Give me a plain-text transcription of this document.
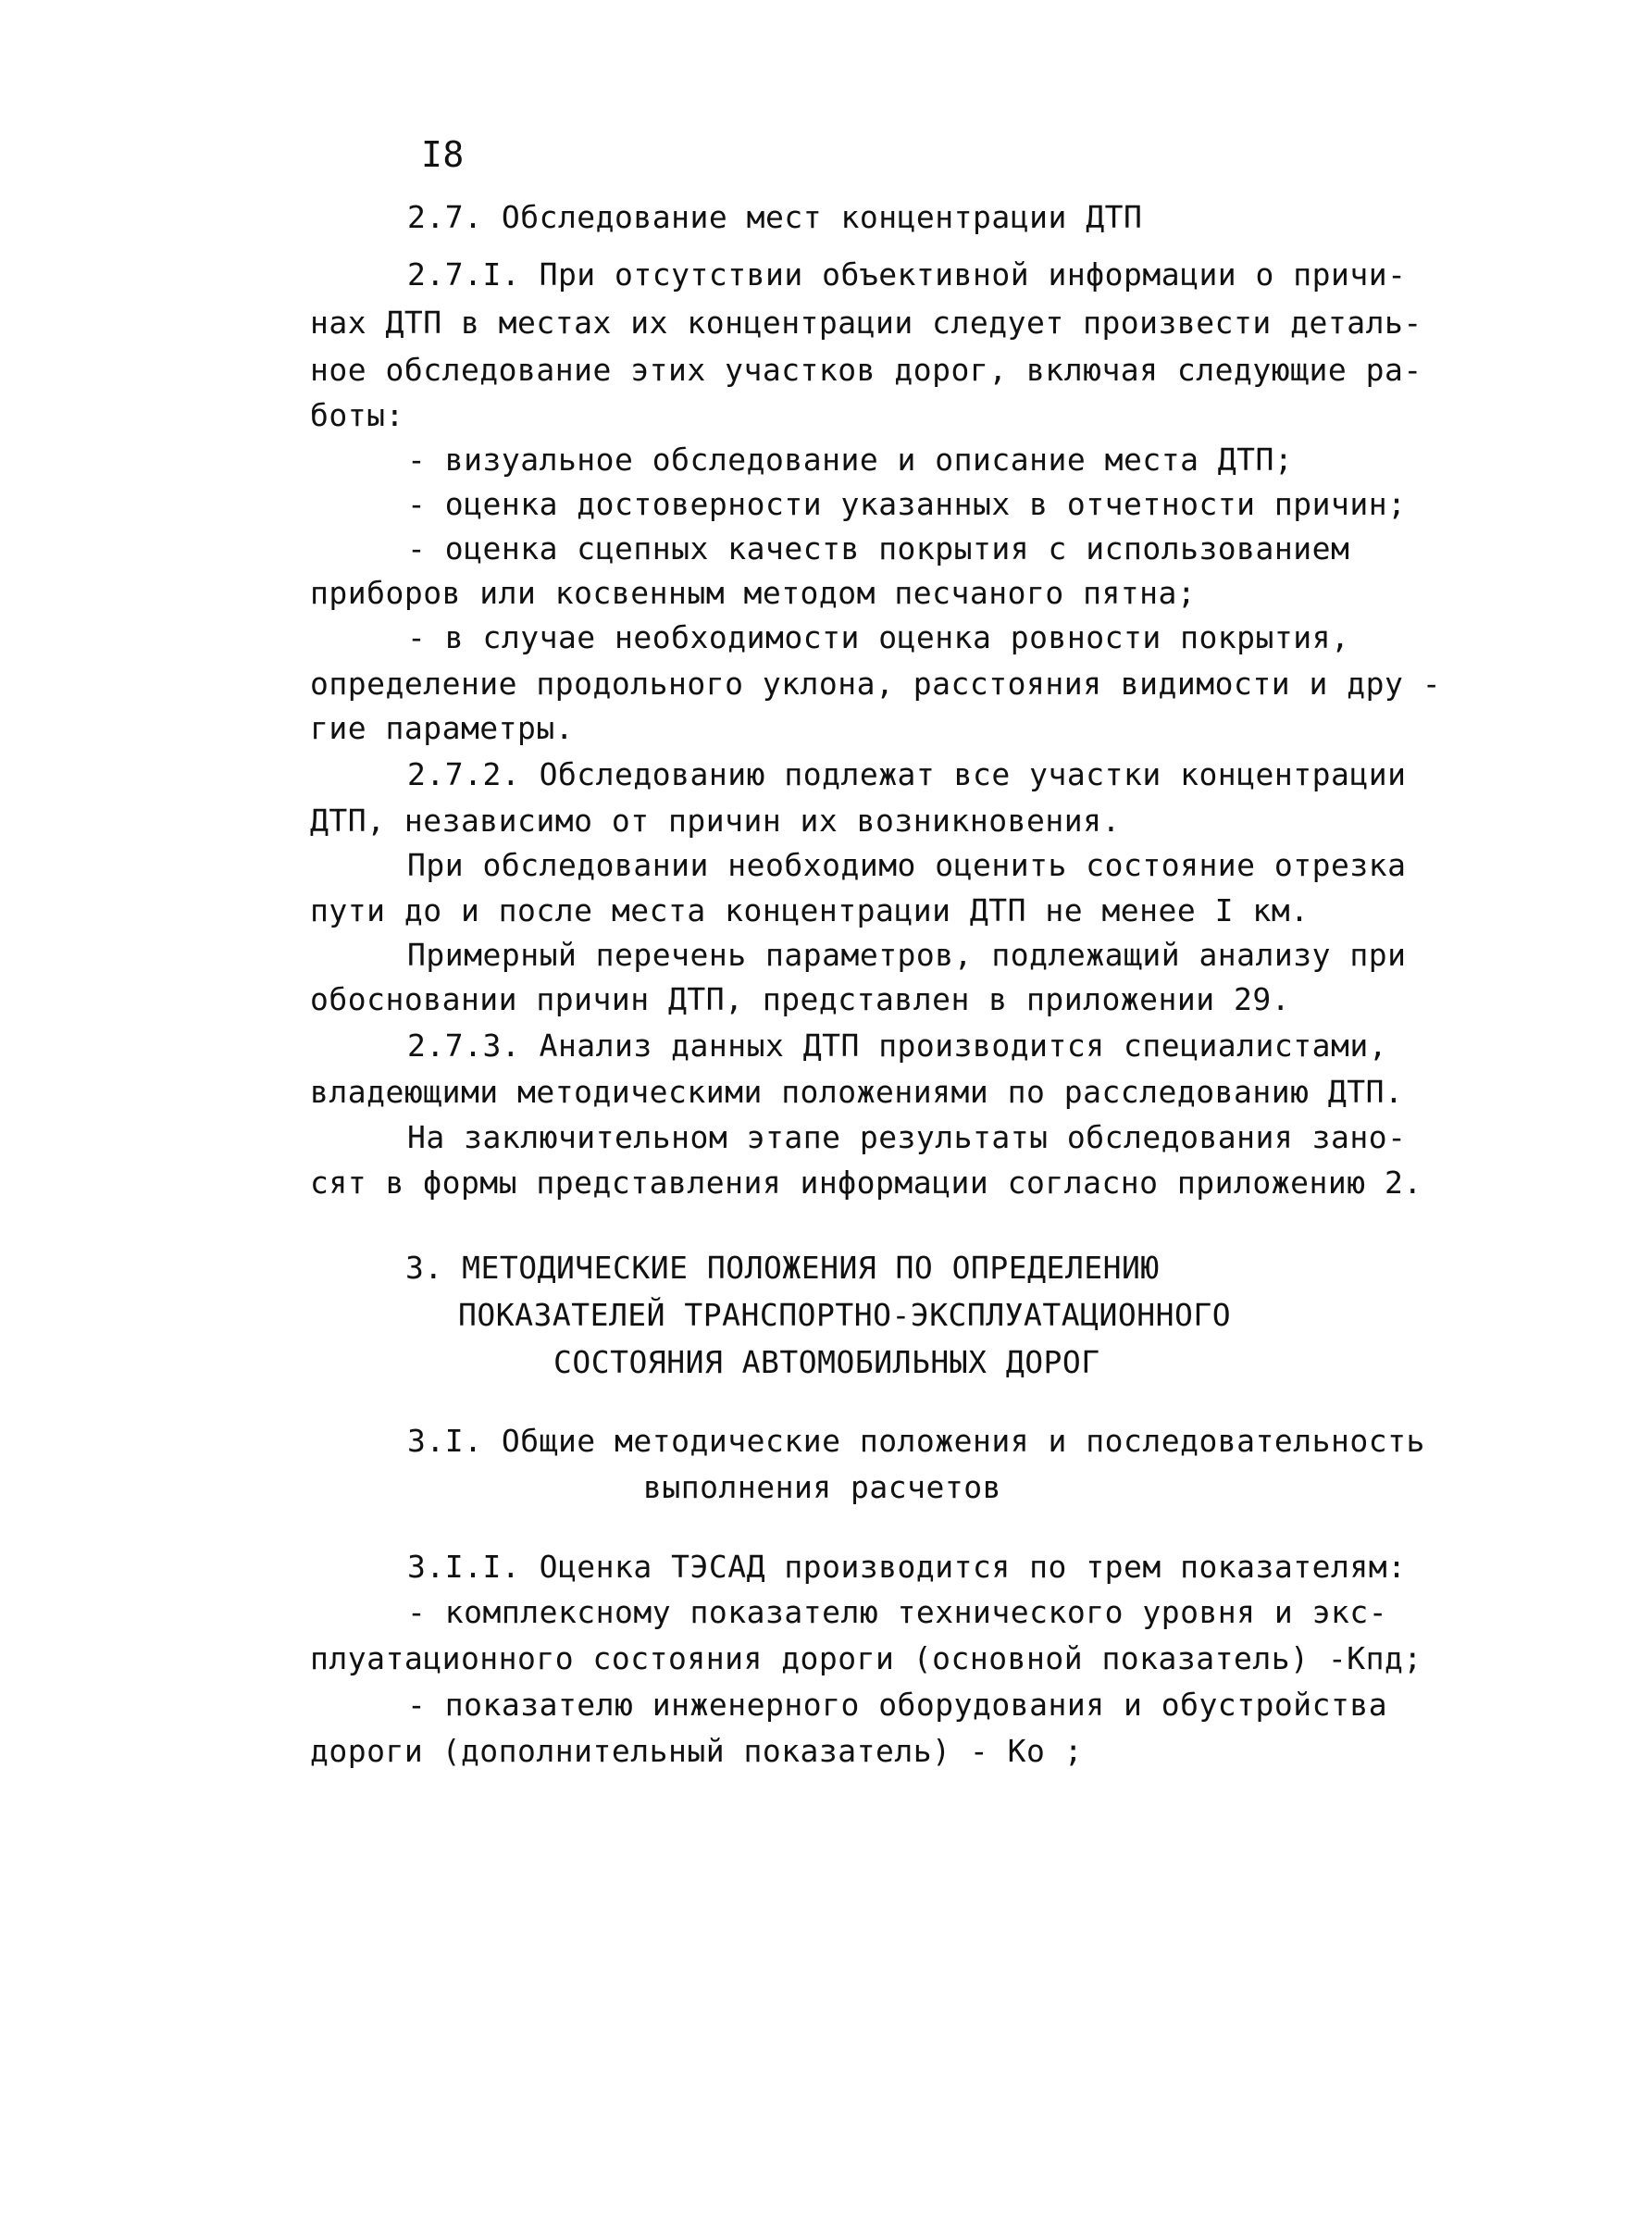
I8
2.7. Обследование мест концентрации ДТП
2.7.I. При отсутствии объективной информации о причи-
нах ДТП в местах их концентрации следует произвести деталь-
ное обследование этих участков дорог, включая следующие ра-
боты:
- визуальное обследование и описание места ДТП;
- оценка достоверности указанных в отчетности причин;
- оценка сцепных качеств покрытия с использованием
приборов или косвенным методом песчаного пятна;
- в случае необходимости оценка ровности покрытия,
определение продольного уклона, расстояния видимости и дру -
гие параметры.
2.7.2. Обследованию подлежат все участки концентрации
ДТП, независимо от причин их возникновения.
При обследовании необходимо оценить состояние отрезка
пути до и после места концентрации ДТП не менее I км.
Примерный перечень параметров, подлежащий анализу при
обосновании причин ДТП, представлен в приложении 29.
2.7.3. Анализ данных ДТП производится специалистами,
владеющими методическими положениями по расследованию ДТП.
На заключительном этапе результаты обследования зано-
сят в формы представления информации согласно приложению 2.
3. МЕТОДИЧЕСКИЕ ПОЛОЖЕНИЯ ПО ОПРЕДЕЛЕНИЮ
ПОКАЗАТЕЛЕЙ ТРАНСПОРТНО-ЭКСПЛУАТАЦИОННОГО
СОСТОЯНИЯ АВТОМОБИЛЬНЫХ ДОРОГ
3.I. Общие методические положения и последовательность
выполнения расчетов
3.I.I. Оценка ТЭСАД производится по трем показателям:
- комплексному показателю технического уровня и экс-
плуатационного состояния дороги (основной показатель) -Кпд;
- показателю инженерного оборудования и обустройства
дороги (дополнительный показатель) - Ко ;
